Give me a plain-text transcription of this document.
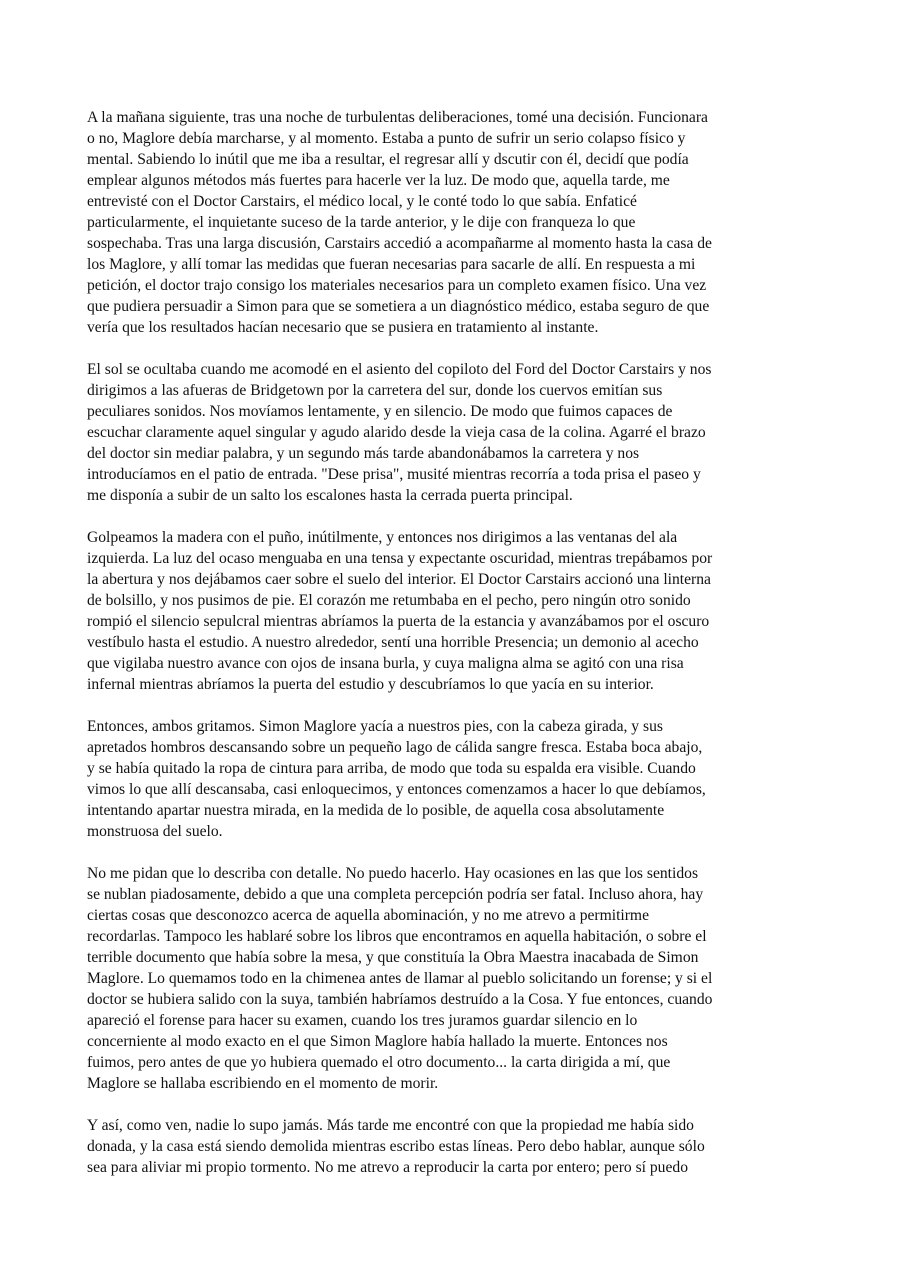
A la mañana siguiente, tras una noche de turbulentas deliberaciones, tomé una decisión. Funcionara
o no, Maglore debía marcharse, y al momento. Estaba a punto de sufrir un serio colapso físico y
mental. Sabiendo lo inútil que me iba a resultar, el regresar allí y dscutir con él, decidí que podía
emplear algunos métodos más fuertes para hacerle ver la luz. De modo que, aquella tarde, me
entrevisté con el Doctor Carstairs, el médico local, y le conté todo lo que sabía. Enfaticé
particularmente, el inquietante suceso de la tarde anterior, y le dije con franqueza lo que
sospechaba. Tras una larga discusión, Carstairs accedió a acompañarme al momento hasta la casa de
los Maglore, y allí tomar las medidas que fueran necesarias para sacarle de allí. En respuesta a mi
petición, el doctor trajo consigo los materiales necesarios para un completo examen físico. Una vez
que pudiera persuadir a Simon para que se sometiera a un diagnóstico médico, estaba seguro de que
vería que los resultados hacían necesario que se pusiera en tratamiento al instante.

El sol se ocultaba cuando me acomodé en el asiento del copiloto del Ford del Doctor Carstairs y nos
dirigimos a las afueras de Bridgetown por la carretera del sur, donde los cuervos emitían sus
peculiares sonidos. Nos movíamos lentamente, y en silencio. De modo que fuimos capaces de
escuchar claramente aquel singular y agudo alarido desde la vieja casa de la colina. Agarré el brazo
del doctor sin mediar palabra, y un segundo más tarde abandonábamos la carretera y nos
introducíamos en el patio de entrada. "Dese prisa", musité mientras recorría a toda prisa el paseo y
me disponía a subir de un salto los escalones hasta la cerrada puerta principal.

Golpeamos la madera con el puño, inútilmente, y entonces nos dirigimos a las ventanas del ala
izquierda. La luz del ocaso menguaba en una tensa y expectante oscuridad, mientras trepábamos por
la abertura y nos dejábamos caer sobre el suelo del interior. El Doctor Carstairs accionó una linterna
de bolsillo, y nos pusimos de pie. El corazón me retumbaba en el pecho, pero ningún otro sonido
rompió el silencio sepulcral mientras abríamos la puerta de la estancia y avanzábamos por el oscuro
vestíbulo hasta el estudio. A nuestro alrededor, sentí una horrible Presencia; un demonio al acecho
que vigilaba nuestro avance con ojos de insana burla, y cuya maligna alma se agitó con una risa
infernal mientras abríamos la puerta del estudio y descubríamos lo que yacía en su interior.

Entonces, ambos gritamos. Simon Maglore yacía a nuestros pies, con la cabeza girada, y sus
apretados hombros descansando sobre un pequeño lago de cálida sangre fresca. Estaba boca abajo,
y se había quitado la ropa de cintura para arriba, de modo que toda su espalda era visible. Cuando
vimos lo que allí descansaba, casi enloquecimos, y entonces comenzamos a hacer lo que debíamos,
intentando apartar nuestra mirada, en la medida de lo posible, de aquella cosa absolutamente
monstruosa del suelo.

No me pidan que lo describa con detalle. No puedo hacerlo. Hay ocasiones en las que los sentidos
se nublan piadosamente, debido a que una completa percepción podría ser fatal. Incluso ahora, hay
ciertas cosas que desconozco acerca de aquella abominación, y no me atrevo a permitirme
recordarlas. Tampoco les hablaré sobre los libros que encontramos en aquella habitación, o sobre el
terrible documento que había sobre la mesa, y que constituía la Obra Maestra inacabada de Simon
Maglore. Lo quemamos todo en la chimenea antes de llamar al pueblo solicitando un forense; y si el
doctor se hubiera salido con la suya, también habríamos destruído a la Cosa. Y fue entonces, cuando
apareció el forense para hacer su examen, cuando los tres juramos guardar silencio en lo
concerniente al modo exacto en el que Simon Maglore había hallado la muerte. Entonces nos
fuimos, pero antes de que yo hubiera quemado el otro documento... la carta dirigida a mí, que
Maglore se hallaba escribiendo en el momento de morir.

Y así, como ven, nadie lo supo jamás. Más tarde me encontré con que la propiedad me había sido
donada, y la casa está siendo demolida mientras escribo estas líneas. Pero debo hablar, aunque sólo
sea para aliviar mi propio tormento. No me atrevo a reproducir la carta por entero; pero sí puedo
